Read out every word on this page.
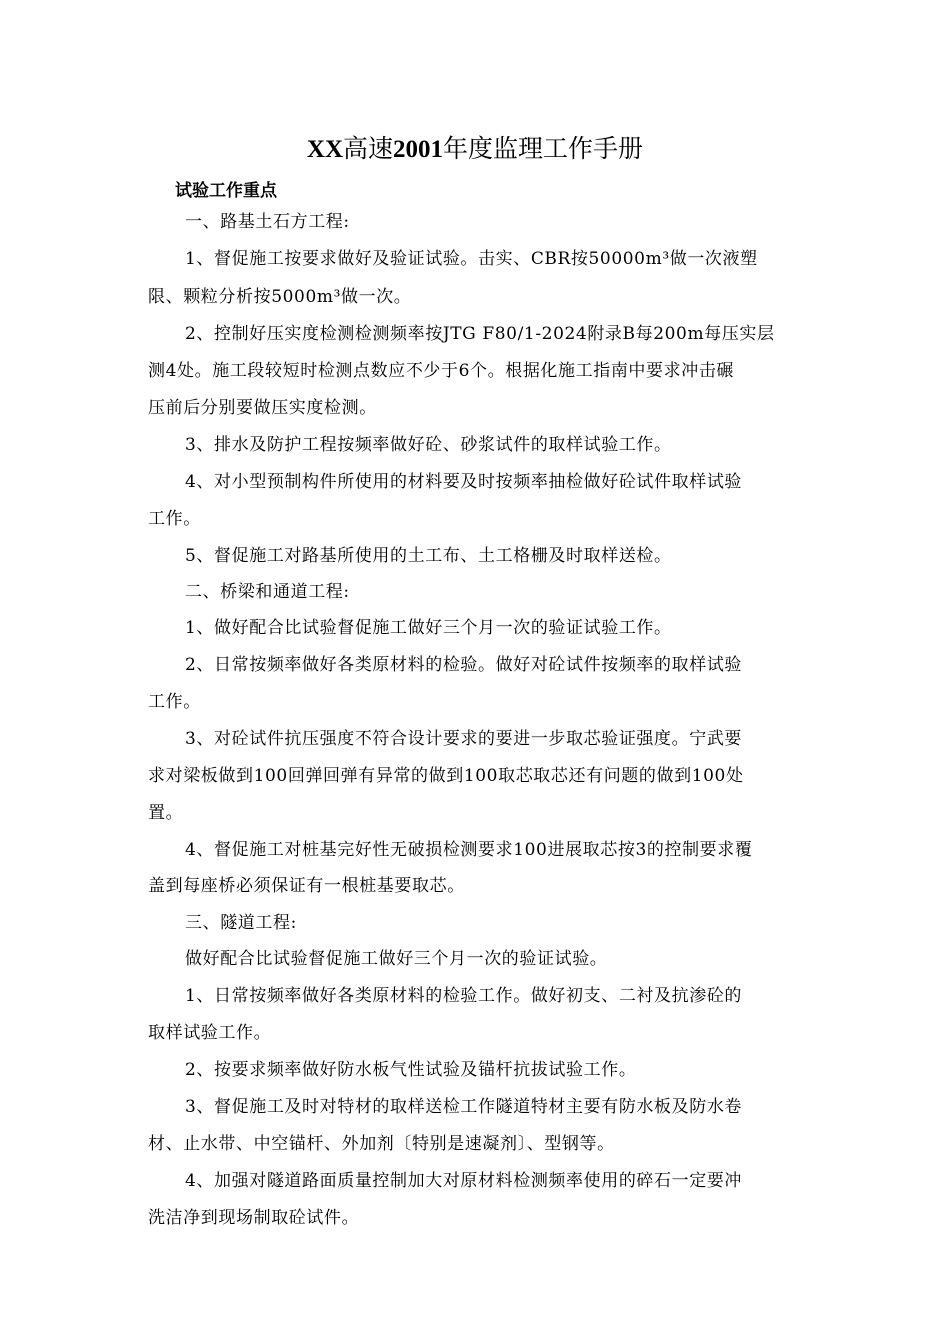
XX高速2001年度监理工作手册
试验工作重点
一、路基土石方工程:
1、督促施工按要求做好及验证试验。击实、CBR按50000m³做一次液塑
限、颗粒分析按5000m³做一次。
2、控制好压实度检测检测频率按JTG F80/1-2024附录B每200m每压实层
测4处。施工段较短时检测点数应不少于6个。根据化施工指南中要求冲击碾
压前后分别要做压实度检测。
3、排水及防护工程按频率做好砼、砂浆试件的取样试验工作。
4、对小型预制构件所使用的材料要及时按频率抽检做好砼试件取样试验
工作。
5、督促施工对路基所使用的土工布、土工格栅及时取样送检。
二、桥梁和通道工程:
1、做好配合比试验督促施工做好三个月一次的验证试验工作。
2、日常按频率做好各类原材料的检验。做好对砼试件按频率的取样试验
工作。
3、对砼试件抗压强度不符合设计要求的要进一步取芯验证强度。宁武要
求对梁板做到100回弹回弹有异常的做到100取芯取芯还有问题的做到100处
置。
4、督促施工对桩基完好性无破损检测要求100进展取芯按3的控制要求覆
盖到每座桥必须保证有一根桩基要取芯。
三、隧道工程:
做好配合比试验督促施工做好三个月一次的验证试验。
1、日常按频率做好各类原材料的检验工作。做好初支、二衬及抗渗砼的
取样试验工作。
2、按要求频率做好防水板气性试验及锚杆抗拔试验工作。
3、督促施工及时对特材的取样送检工作隧道特材主要有防水板及防水卷
材、止水带、中空锚杆、外加剂〔特别是速凝剂〕、型钢等。
4、加强对隧道路面质量控制加大对原材料检测频率使用的碎石一定要冲
洗洁净到现场制取砼试件。
